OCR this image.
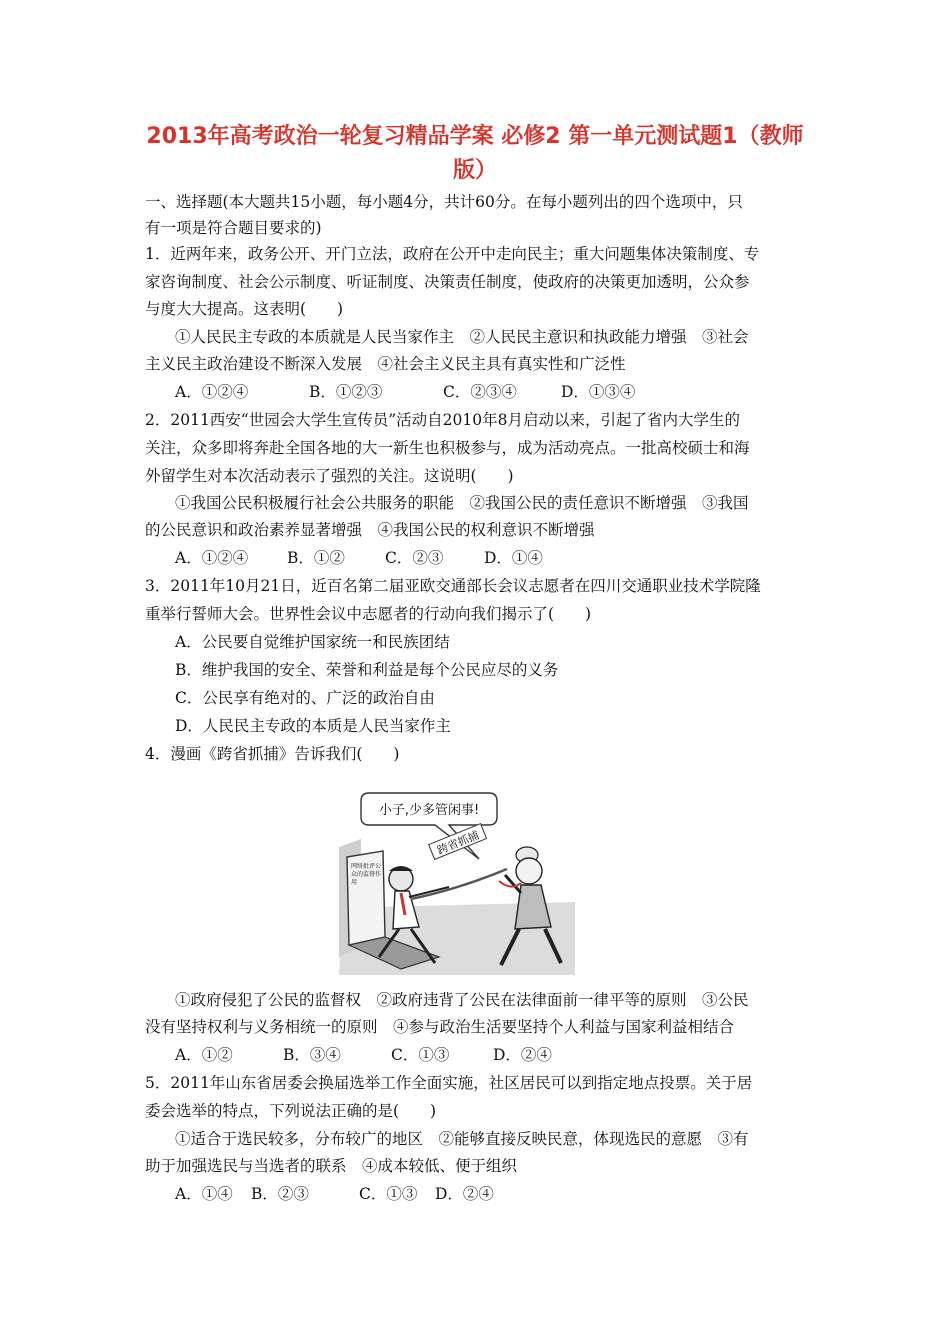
2013年高考政治一轮复习精品学案 必修2 第一单元测试题1（教师
版）
一、选择题(本大题共15小题，每小题4分，共计60分。在每小题列出的四个选项中，只
有一项是符合题目要求的)
1．近两年来，政务公开、开门立法，政府在公开中走向民主；重大问题集体决策制度、专
家咨询制度、社会公示制度、听证制度、决策责任制度，使政府的决策更加透明，公众参
与度大大提高。这表明(　　)
①人民民主专政的本质就是人民当家作主　②人民民主意识和执政能力增强　③社会
主义民主政治建设不断深入发展　④社会主义民主具有真实性和广泛性
A．①②④	B．①②③	C．②③④	D．①③④
2．2011西安“世园会大学生宣传员”活动自2010年8月启动以来，引起了省内大学生的
关注，众多即将奔赴全国各地的大一新生也积极参与，成为活动亮点。一批高校硕士和海
外留学生对本次活动表示了强烈的关注。这说明(　　)
①我国公民积极履行社会公共服务的职能　②我国公民的责任意识不断增强　③我国
的公民意识和政治素养显著增强　④我国公民的权利意识不断增强
A．①②④	B．①②	C．②③	D．①④
3．2011年10月21日，近百名第二届亚欧交通部长会议志愿者在四川交通职业技术学院隆
重举行誓师大会。世界性会议中志愿者的行动向我们揭示了(　　)
A．公民要自觉维护国家统一和民族团结
B．维护我国的安全、荣誉和利益是每个公民应尽的义务
C．公民享有绝对的、广泛的政治自由
D．人民民主专政的本质是人民当家作主
4．漫画《跨省抓捕》告诉我们(　　)
小子,少多管闲事!
网络批评公众的监督作用
跨省抓捕
①政府侵犯了公民的监督权　②政府违背了公民在法律面前一律平等的原则　③公民
没有坚持权利与义务相统一的原则　④参与政治生活要坚持个人利益与国家利益相结合
A．①②	B．③④	C．①③	D．②④
5．2011年山东省居委会换届选举工作全面实施，社区居民可以到指定地点投票。关于居
委会选举的特点，下列说法正确的是(　　)
①适合于选民较多，分布较广的地区　②能够直接反映民意，体现选民的意愿　③有
助于加强选民与当选者的联系　④成本较低、便于组织
A．①④ B．②③	C．①③ D．②④
